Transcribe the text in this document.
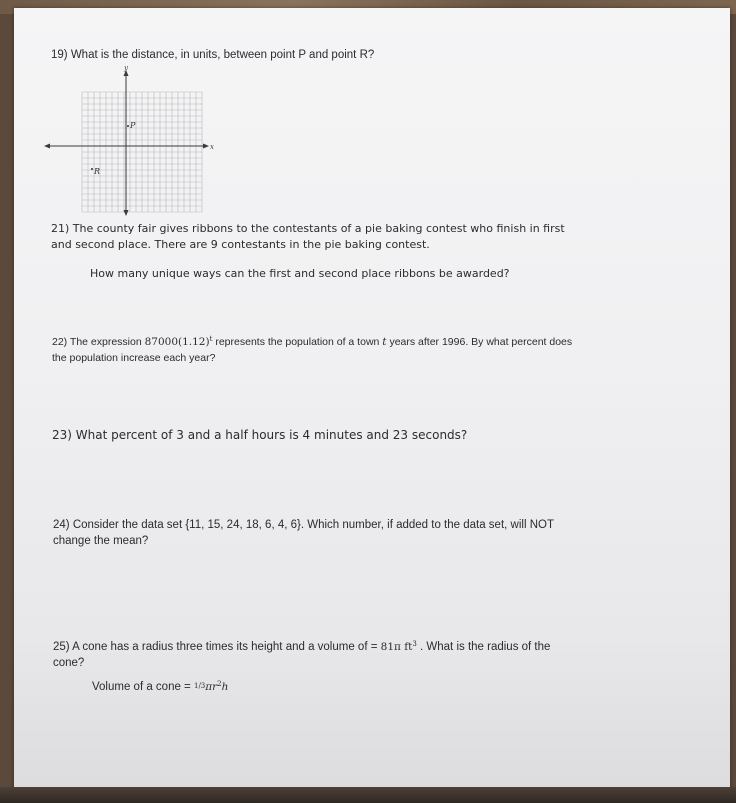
19) What is the distance, in units, between point P and point R?
y
x
P
R
21) The county fair gives ribbons to the contestants of a pie baking contest who finish in first
and second place. There are 9 contestants in the pie baking contest.
How many unique ways can the first and second place ribbons be awarded?
22) The expression $87000(1.12)^t$ represents the population of a town t years after 1996. By what percent does
the population increase each year?
23) What percent of 3 and a half hours is 4 minutes and 23 seconds?
24) Consider the data set {11, 15, 24, 18, 6, 4, 6}. Which number, if added to the data set, will NOT
change the mean?
25) A cone has a radius three times its height and a volume of = 81π $ft^3$ . What is the radius of the
cone?
Volume of a cone = $1/3\pi r^2h$
